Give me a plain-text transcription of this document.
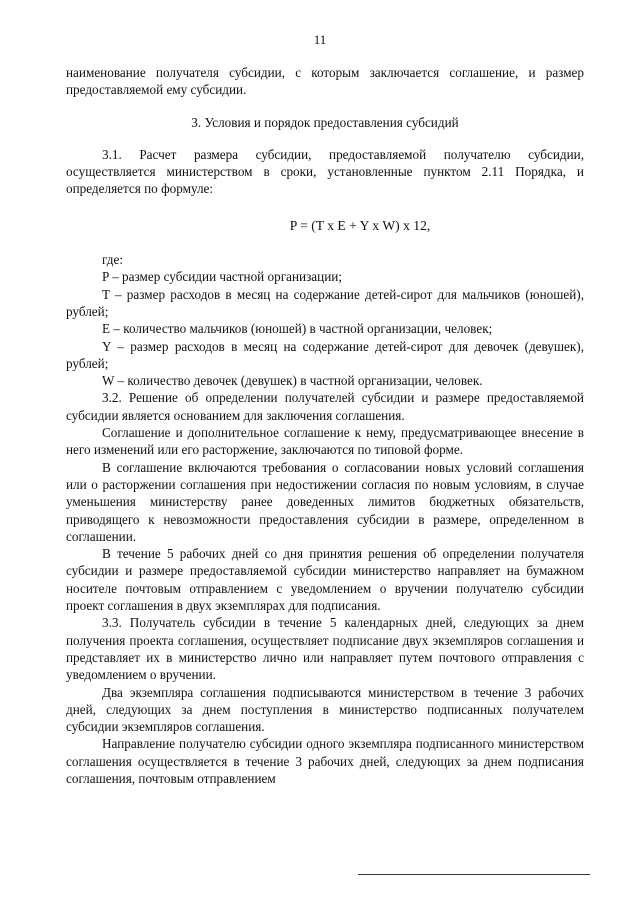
11

наименование получателя субсидии, с которым заключается соглашение, и размер предоставляемой ему субсидии.

3. Условия и порядок предоставления субсидий

3.1. Расчет размера субсидии, предоставляемой получателю субсидии, осуществляется министерством в сроки, установленные пунктом 2.11 Порядка, и определяется по формуле:

P = (T x E + Y x W) x 12,

где:

P – размер субсидии частной организации;

T – размер расходов в месяц на содержание детей-сирот для мальчиков (юношей), рублей;

E – количество мальчиков (юношей) в частной организации, человек;

Y – размер расходов в месяц на содержание детей-сирот для девочек (девушек), рублей;

W – количество девочек (девушек) в частной организации, человек.

3.2. Решение об определении получателей субсидии и размере предоставляемой субсидии является основанием для заключения соглашения.

Соглашение и дополнительное соглашение к нему, предусматривающее внесение в него изменений или его расторжение, заключаются по типовой форме.

В соглашение включаются требования о согласовании новых условий соглашения или о расторжении соглашения при недостижении согласия по новым условиям, в случае уменьшения министерству ранее доведенных лимитов бюджетных обязательств, приводящего к невозможности предоставления субсидии в размере, определенном в соглашении.

В течение 5 рабочих дней со дня принятия решения об определении получателя субсидии и размере предоставляемой субсидии министерство направляет на бумажном носителе почтовым отправлением с уведомлением о вручении получателю субсидии проект соглашения в двух экземплярах для подписания.

3.3. Получатель субсидии в течение 5 календарных дней, следующих за днем получения проекта соглашения, осуществляет подписание двух экземпляров соглашения и представляет их в министерство лично или направляет путем почтового отправления с уведомлением о вручении.

Два экземпляра соглашения подписываются министерством в течение 3 рабочих дней, следующих за днем поступления в министерство подписанных получателем субсидии экземпляров соглашения.

Направление получателю субсидии одного экземпляра подписанного министерством соглашения осуществляется в течение 3 рабочих дней, следующих за днем подписания соглашения, почтовым отправлением
